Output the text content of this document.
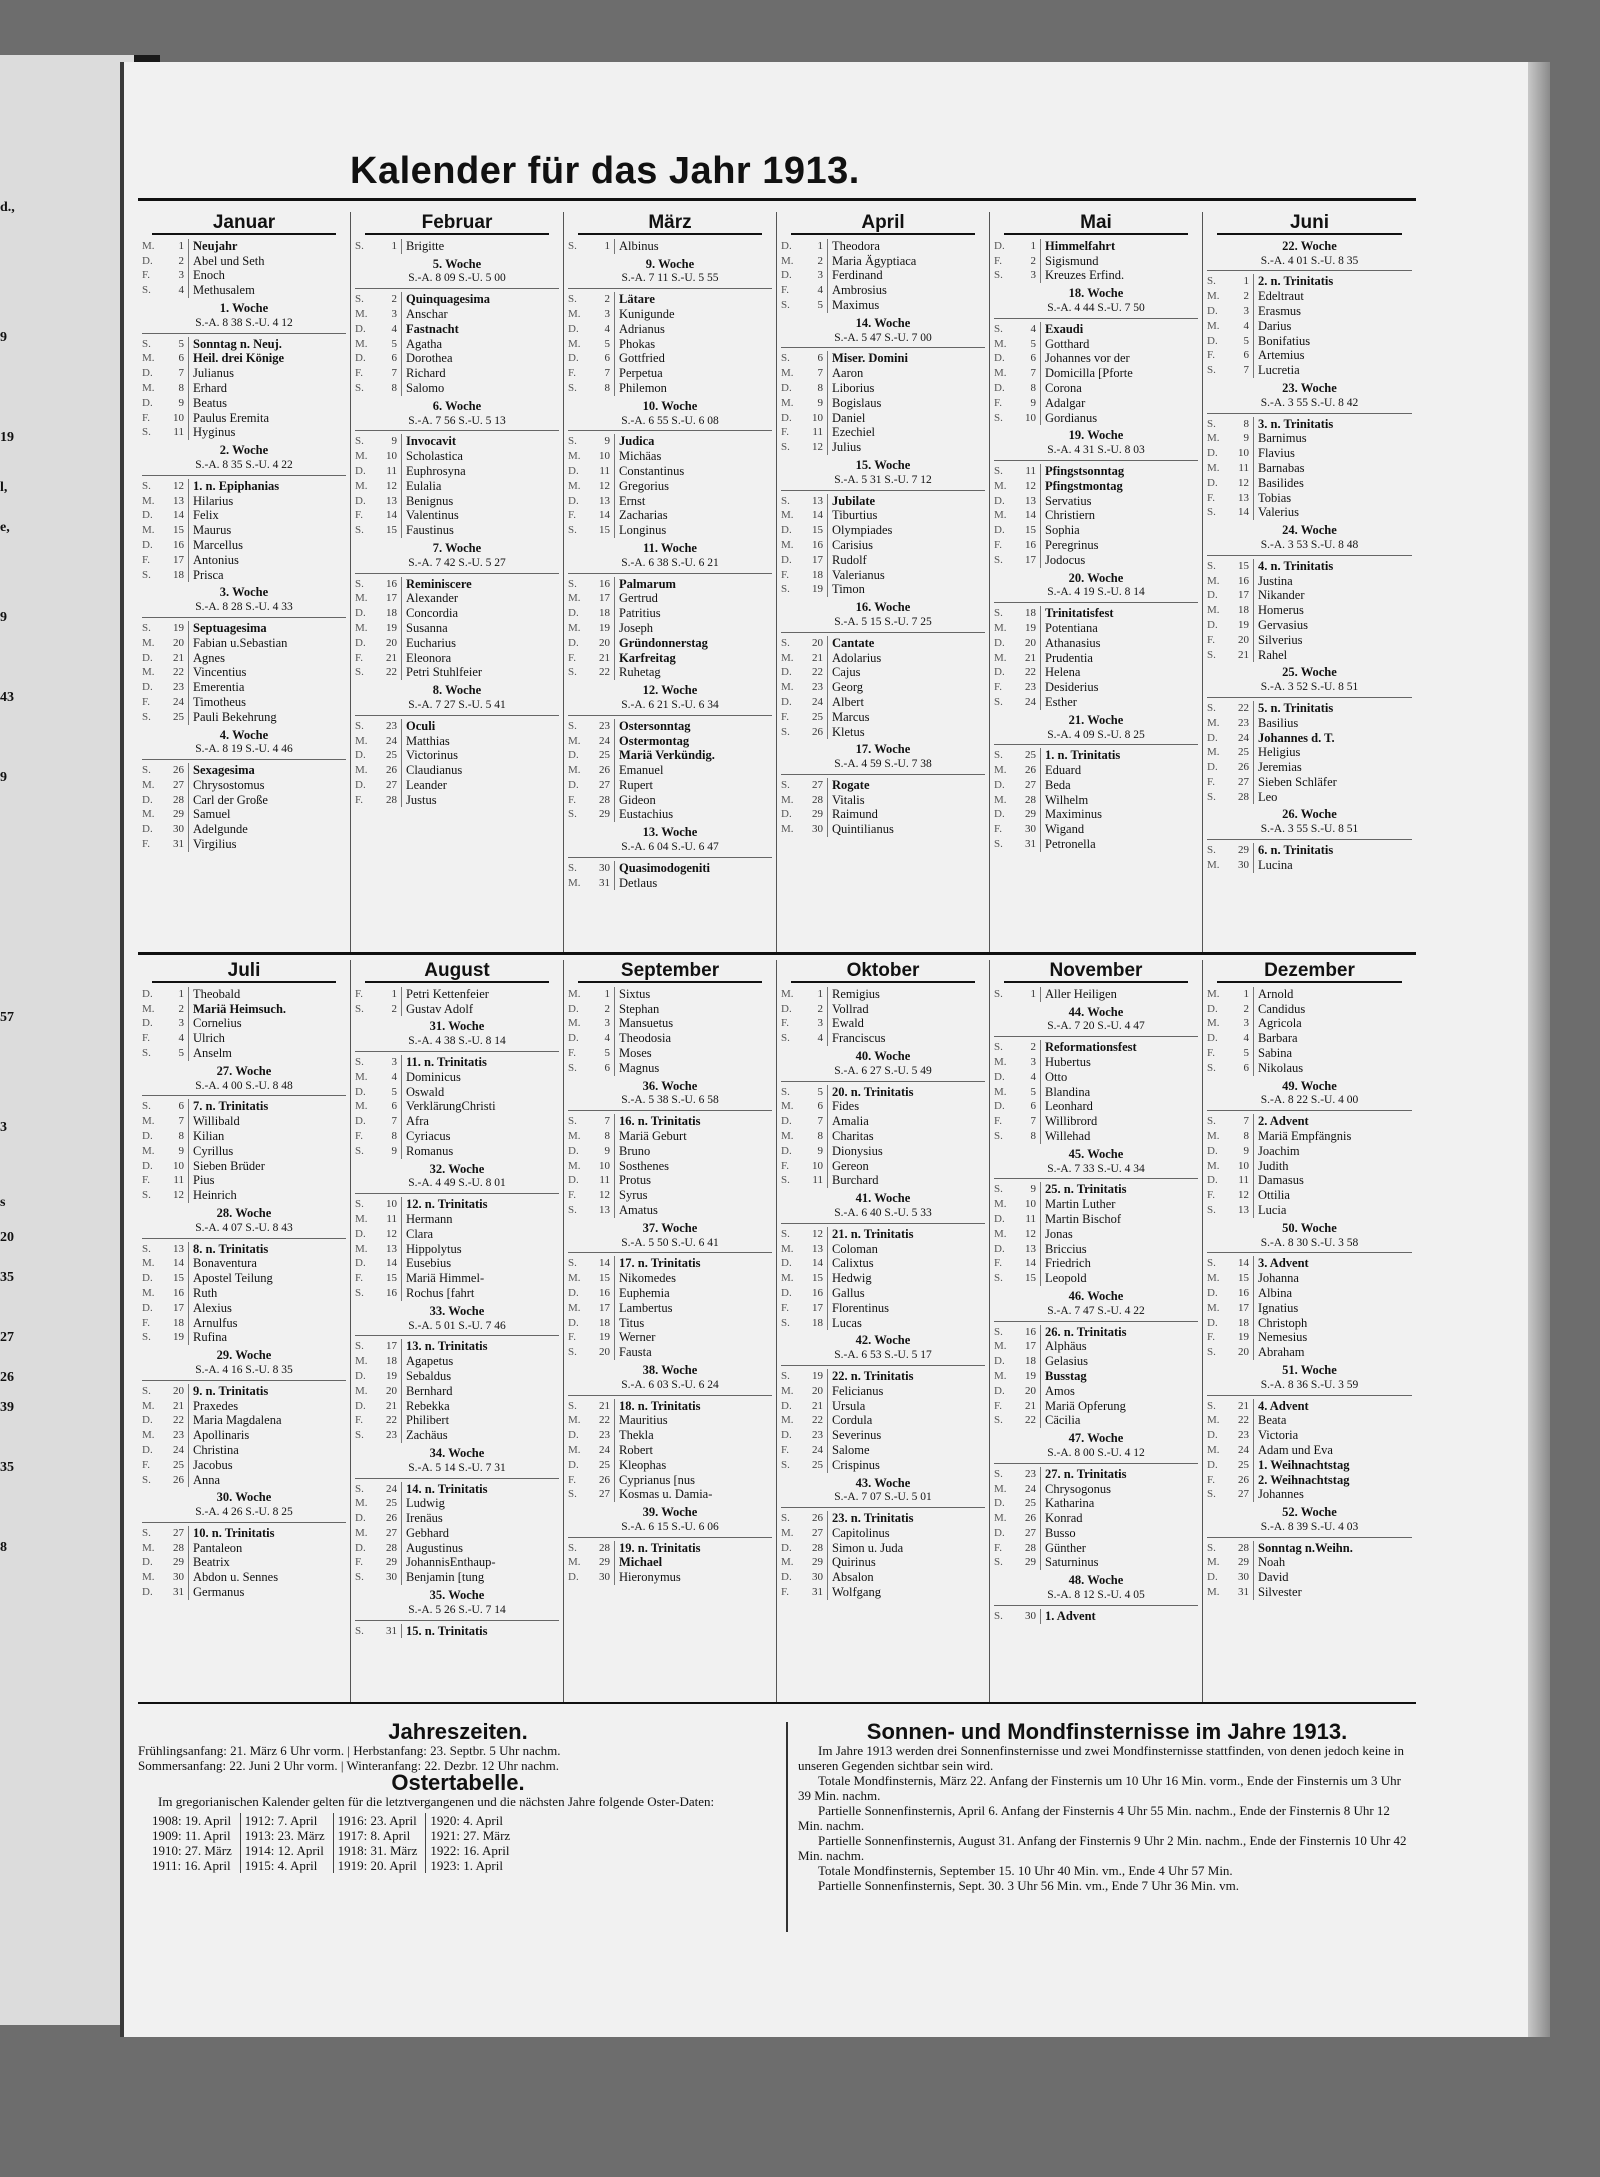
d.,
9
19
l,
e,
9
43
9
57
3
s
20
35
27
26
39
35
8
Kalender für das Jahr 1913.
Januar
M.	1 Neujahr
D.	2 Abel und Seth
F.	3 Enoch
S.	4 Methusalem
1. Woche
S.-A. 8 38 S.-U. 4 12
S.	5 Sonntag n. Neuj.
M.	6 Heil. drei Könige
D.	7 Julianus
M.	8 Erhard
D.	9 Beatus
F.	10 Paulus Eremita
S.	11 Hyginus
2. Woche
S.-A. 8 35 S.-U. 4 22
S.	12 1. n. Epiphanias
M.	13 Hilarius
D.	14 Felix
M.	15 Maurus
D.	16 Marcellus
F.	17 Antonius
S.	18 Prisca
3. Woche
S.-A. 8 28 S.-U. 4 33
S.	19 Septuagesima
M.	20 Fabian u.Sebastian
D.	21 Agnes
M.	22 Vincentius
D.	23 Emerentia
F.	24 Timotheus
S.	25 Pauli Bekehrung
4. Woche
S.-A. 8 19 S.-U. 4 46
S.	26 Sexagesima
M.	27 Chrysostomus
D.	28 Carl der Große
M.	29 Samuel
D.	30 Adelgunde
F.	31 Virgilius
Februar
S.	1 Brigitte
5. Woche
S.-A. 8 09 S.-U. 5 00
S.	2 Quinquagesima
M.	3 Anschar
D.	4 Fastnacht
M.	5 Agatha
D.	6 Dorothea
F.	7 Richard
S.	8 Salomo
6. Woche
S.-A. 7 56 S.-U. 5 13
S.	9 Invocavit
M.	10 Scholastica
D.	11 Euphrosyna
M.	12 Eulalia
D.	13 Benignus
F.	14 Valentinus
S.	15 Faustinus
7. Woche
S.-A. 7 42 S.-U. 5 27
S.	16 Reminiscere
M.	17 Alexander
D.	18 Concordia
M.	19 Susanna
D.	20 Eucharius
F.	21 Eleonora
S.	22 Petri Stuhlfeier
8. Woche
S.-A. 7 27 S.-U. 5 41
S.	23 Oculi
M.	24 Matthias
D.	25 Victorinus
M.	26 Claudianus
D.	27 Leander
F.	28 Justus
März
S.	1 Albinus
9. Woche
S.-A. 7 11 S.-U. 5 55
S.	2 Lätare
M.	3 Kunigunde
D.	4 Adrianus
M.	5 Phokas
D.	6 Gottfried
F.	7 Perpetua
S.	8 Philemon
10. Woche
S.-A. 6 55 S.-U. 6 08
S.	9 Judica
M.	10 Michäas
D.	11 Constantinus
M.	12 Gregorius
D.	13 Ernst
F.	14 Zacharias
S.	15 Longinus
11. Woche
S.-A. 6 38 S.-U. 6 21
S.	16 Palmarum
M.	17 Gertrud
D.	18 Patritius
M.	19 Joseph
D.	20 Gründonnerstag
F.	21 Karfreitag
S.	22 Ruhetag
12. Woche
S.-A. 6 21 S.-U. 6 34
S.	23 Ostersonntag
M.	24 Ostermontag
D.	25 Mariä Verkündig.
M.	26 Emanuel
D.	27 Rupert
F.	28 Gideon
S.	29 Eustachius
13. Woche
S.-A. 6 04 S.-U. 6 47
S.	30 Quasimodogeniti
M.	31 Detlaus
April
D.	1 Theodora
M.	2 Maria Ägyptiaca
D.	3 Ferdinand
F.	4 Ambrosius
S.	5 Maximus
14. Woche
S.-A. 5 47 S.-U. 7 00
S.	6 Miser. Domini
M.	7 Aaron
D.	8 Liborius
M.	9 Bogislaus
D.	10 Daniel
F.	11 Ezechiel
S.	12 Julius
15. Woche
S.-A. 5 31 S.-U. 7 12
S.	13 Jubilate
M.	14 Tiburtius
D.	15 Olympiades
M.	16 Carisius
D.	17 Rudolf
F.	18 Valerianus
S.	19 Timon
16. Woche
S.-A. 5 15 S.-U. 7 25
S.	20 Cantate
M.	21 Adolarius
D.	22 Cajus
M.	23 Georg
D.	24 Albert
F.	25 Marcus
S.	26 Kletus
17. Woche
S.-A. 4 59 S.-U. 7 38
S.	27 Rogate
M.	28 Vitalis
D.	29 Raimund
M.	30 Quintilianus
Mai
D.	1 Himmelfahrt
F.	2 Sigismund
S.	3 Kreuzes Erfind.
18. Woche
S.-A. 4 44 S.-U. 7 50
S.	4 Exaudi
M.	5 Gotthard
D.	6 Johannes vor der
M.	7 Domicilla [Pforte
D.	8 Corona
F.	9 Adalgar
S.	10 Gordianus
19. Woche
S.-A. 4 31 S.-U. 8 03
S.	11 Pfingstsonntag
M.	12 Pfingstmontag
D.	13 Servatius
M.	14 Christiern
D.	15 Sophia
F.	16 Peregrinus
S.	17 Jodocus
20. Woche
S.-A. 4 19 S.-U. 8 14
S.	18 Trinitatisfest
M.	19 Potentiana
D.	20 Athanasius
M.	21 Prudentia
D.	22 Helena
F.	23 Desiderius
S.	24 Esther
21. Woche
S.-A. 4 09 S.-U. 8 25
S.	25 1. n. Trinitatis
M.	26 Eduard
D.	27 Beda
M.	28 Wilhelm
D.	29 Maximinus
F.	30 Wigand
S.	31 Petronella
Juni
22. Woche
S.-A. 4 01 S.-U. 8 35
S.	1 2. n. Trinitatis
M.	2 Edeltraut
D.	3 Erasmus
M.	4 Darius
D.	5 Bonifatius
F.	6 Artemius
S.	7 Lucretia
23. Woche
S.-A. 3 55 S.-U. 8 42
S.	8 3. n. Trinitatis
M.	9 Barnimus
D.	10 Flavius
M.	11 Barnabas
D.	12 Basilides
F.	13 Tobias
S.	14 Valerius
24. Woche
S.-A. 3 53 S.-U. 8 48
S.	15 4. n. Trinitatis
M.	16 Justina
D.	17 Nikander
M.	18 Homerus
D.	19 Gervasius
F.	20 Silverius
S.	21 Rahel
25. Woche
S.-A. 3 52 S.-U. 8 51
S.	22 5. n. Trinitatis
M.	23 Basilius
D.	24 Johannes d. T.
M.	25 Heligius
D.	26 Jeremias
F.	27 Sieben Schläfer
S.	28 Leo
26. Woche
S.-A. 3 55 S.-U. 8 51
S.	29 6. n. Trinitatis
M.	30 Lucina
Juli
D.	1 Theobald
M.	2 Mariä Heimsuch.
D.	3 Cornelius
F.	4 Ulrich
S.	5 Anselm
27. Woche
S.-A. 4 00 S.-U. 8 48
S.	6 7. n. Trinitatis
M.	7 Willibald
D.	8 Kilian
M.	9 Cyrillus
D.	10 Sieben Brüder
F.	11 Pius
S.	12 Heinrich
28. Woche
S.-A. 4 07 S.-U. 8 43
S.	13 8. n. Trinitatis
M.	14 Bonaventura
D.	15 Apostel Teilung
M.	16 Ruth
D.	17 Alexius
F.	18 Arnulfus
S.	19 Rufina
29. Woche
S.-A. 4 16 S.-U. 8 35
S.	20 9. n. Trinitatis
M.	21 Praxedes
D.	22 Maria Magdalena
M.	23 Apollinaris
D.	24 Christina
F.	25 Jacobus
S.	26 Anna
30. Woche
S.-A. 4 26 S.-U. 8 25
S.	27 10. n. Trinitatis
M.	28 Pantaleon
D.	29 Beatrix
M.	30 Abdon u. Sennes
D.	31 Germanus
August
F.	1 Petri Kettenfeier
S.	2 Gustav Adolf
31. Woche
S.-A. 4 38 S.-U. 8 14
S.	3 11. n. Trinitatis
M.	4 Dominicus
D.	5 Oswald
M.	6 VerklärungChristi
D.	7 Afra
F.	8 Cyriacus
S.	9 Romanus
32. Woche
S.-A. 4 49 S.-U. 8 01
S.	10 12. n. Trinitatis
M.	11 Hermann
D.	12 Clara
M.	13 Hippolytus
D.	14 Eusebius
F.	15 Mariä Himmel-
S.	16 Rochus [fahrt
33. Woche
S.-A. 5 01 S.-U. 7 46
S.	17 13. n. Trinitatis
M.	18 Agapetus
D.	19 Sebaldus
M.	20 Bernhard
D.	21 Rebekka
F.	22 Philibert
S.	23 Zachäus
34. Woche
S.-A. 5 14 S.-U. 7 31
S.	24 14. n. Trinitatis
M.	25 Ludwig
D.	26 Irenäus
M.	27 Gebhard
D.	28 Augustinus
F.	29 JohannisEnthaup-
S.	30 Benjamin [tung
35. Woche
S.-A. 5 26 S.-U. 7 14
S.	31 15. n. Trinitatis
September
M.	1 Sixtus
D.	2 Stephan
M.	3 Mansuetus
D.	4 Theodosia
F.	5 Moses
S.	6 Magnus
36. Woche
S.-A. 5 38 S.-U. 6 58
S.	7 16. n. Trinitatis
M.	8 Mariä Geburt
D.	9 Bruno
M.	10 Sosthenes
D.	11 Protus
F.	12 Syrus
S.	13 Amatus
37. Woche
S.-A. 5 50 S.-U. 6 41
S.	14 17. n. Trinitatis
M.	15 Nikomedes
D.	16 Euphemia
M.	17 Lambertus
D.	18 Titus
F.	19 Werner
S.	20 Fausta
38. Woche
S.-A. 6 03 S.-U. 6 24
S.	21 18. n. Trinitatis
M.	22 Mauritius
D.	23 Thekla
M.	24 Robert
D.	25 Kleophas
F.	26 Cyprianus [nus
S.	27 Kosmas u. Damia-
39. Woche
S.-A. 6 15 S.-U. 6 06
S.	28 19. n. Trinitatis
M.	29 Michael
D.	30 Hieronymus
Oktober
M.	1 Remigius
D.	2 Vollrad
F.	3 Ewald
S.	4 Franciscus
40. Woche
S.-A. 6 27 S.-U. 5 49
S.	5 20. n. Trinitatis
M.	6 Fides
D.	7 Amalia
M.	8 Charitas
D.	9 Dionysius
F.	10 Gereon
S.	11 Burchard
41. Woche
S.-A. 6 40 S.-U. 5 33
S.	12 21. n. Trinitatis
M.	13 Coloman
D.	14 Calixtus
M.	15 Hedwig
D.	16 Gallus
F.	17 Florentinus
S.	18 Lucas
42. Woche
S.-A. 6 53 S.-U. 5 17
S.	19 22. n. Trinitatis
M.	20 Felicianus
D.	21 Ursula
M.	22 Cordula
D.	23 Severinus
F.	24 Salome
S.	25 Crispinus
43. Woche
S.-A. 7 07 S.-U. 5 01
S.	26 23. n. Trinitatis
M.	27 Capitolinus
D.	28 Simon u. Juda
M.	29 Quirinus
D.	30 Absalon
F.	31 Wolfgang
November
S.	1 Aller Heiligen
44. Woche
S.-A. 7 20 S.-U. 4 47
S.	2 Reformationsfest
M.	3 Hubertus
D.	4 Otto
M.	5 Blandina
D.	6 Leonhard
F.	7 Willibrord
S.	8 Willehad
45. Woche
S.-A. 7 33 S.-U. 4 34
S.	9 25. n. Trinitatis
M.	10 Martin Luther
D.	11 Martin Bischof
M.	12 Jonas
D.	13 Briccius
F.	14 Friedrich
S.	15 Leopold
46. Woche
S.-A. 7 47 S.-U. 4 22
S.	16 26. n. Trinitatis
M.	17 Alphäus
D.	18 Gelasius
M.	19 Busstag
D.	20 Amos
F.	21 Mariä Opferung
S.	22 Cäcilia
47. Woche
S.-A. 8 00 S.-U. 4 12
S.	23 27. n. Trinitatis
M.	24 Chrysogonus
D.	25 Katharina
M.	26 Konrad
D.	27 Busso
F.	28 Günther
S.	29 Saturninus
48. Woche
S.-A. 8 12 S.-U. 4 05
S.	30 1. Advent
Dezember
M.	1 Arnold
D.	2 Candidus
M.	3 Agricola
D.	4 Barbara
F.	5 Sabina
S.	6 Nikolaus
49. Woche
S.-A. 8 22 S.-U. 4 00
S.	7 2. Advent
M.	8 Mariä Empfängnis
D.	9 Joachim
M.	10 Judith
D.	11 Damasus
F.	12 Ottilia
S.	13 Lucia
50. Woche
S.-A. 8 30 S.-U. 3 58
S.	14 3. Advent
M.	15 Johanna
D.	16 Albina
M.	17 Ignatius
D.	18 Christoph
F.	19 Nemesius
S.	20 Abraham
51. Woche
S.-A. 8 36 S.-U. 3 59
S.	21 4. Advent
M.	22 Beata
D.	23 Victoria
M.	24 Adam und Eva
D.	25 1. Weihnachtstag
F.	26 2. Weihnachtstag
S.	27 Johannes
52. Woche
S.-A. 8 39 S.-U. 4 03
S.	28 Sonntag n.Weihn.
M.	29 Noah
D.	30 David
M.	31 Silvester
Jahreszeiten.
Frühlingsanfang: 21. März 6 Uhr vorm. | Herbstanfang: 23. Septbr. 5 Uhr nachm.
Sommersanfang: 22. Juni 2 Uhr vorm. | Winteranfang: 22. Dezbr. 12 Uhr nachm.
Ostertabelle.

Im gregorianischen Kalender gelten für die letztvergangenen und die nächsten Jahre folgende Oster-Daten:

1908: 19. April	1912: 7. April	1916: 23. April	1920: 4. April
1909: 11. April	1913: 23. März	1917: 8. April	1921: 27. März
1910: 27. März	1914: 12. April	1918: 31. März	1922: 16. April
1911: 16. April	1915: 4. April	1919: 20. April	1923: 1. April
Sonnen- und Mondfinsternisse im Jahre 1913.

Im Jahre 1913 werden drei Sonnenfinsternisse und zwei Mondfinsternisse stattfinden, von denen jedoch keine in unseren Gegenden sichtbar sein wird.

Totale Mondfinsternis, März 22. Anfang der Finsternis um 10 Uhr 16 Min. vorm., Ende der Finsternis um 3 Uhr 39 Min. nachm.

Partielle Sonnenfinsternis, April 6. Anfang der Finsternis 4 Uhr 55 Min. nachm., Ende der Finsternis 8 Uhr 12 Min. nachm.

Partielle Sonnenfinsternis, August 31. Anfang der Finsternis 9 Uhr 2 Min. nachm., Ende der Finsternis 10 Uhr 42 Min. nachm.

Totale Mondfinsternis, September 15. 10 Uhr 40 Min. vm., Ende 4 Uhr 57 Min.

Partielle Sonnenfinsternis, Sept. 30. 3 Uhr 56 Min. vm., Ende 7 Uhr 36 Min. vm.
